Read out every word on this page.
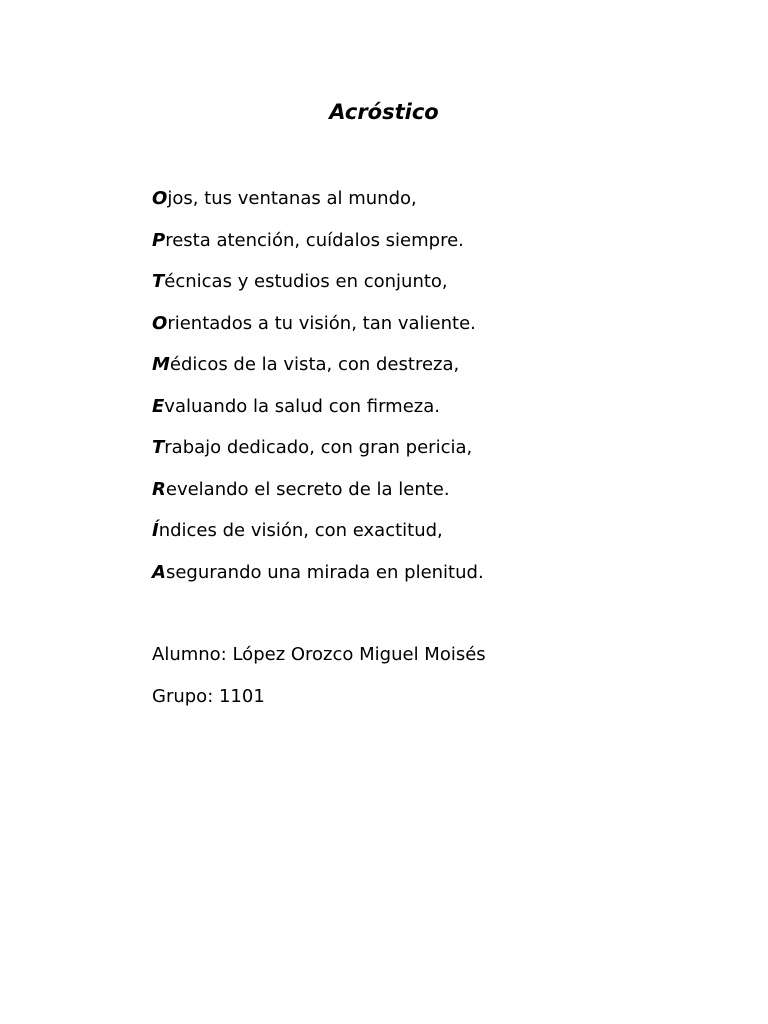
Acróstico

Ojos, tus ventanas al mundo,

Presta atención, cuídalos siempre.

Técnicas y estudios en conjunto,

Orientados a tu visión, tan valiente.

Médicos de la vista, con destreza,

Evaluando la salud con firmeza.

Trabajo dedicado, con gran pericia,

Revelando el secreto de la lente.

Índices de visión, con exactitud,

Asegurando una mirada en plenitud.

Alumno: López Orozco Miguel Moisés

Grupo: 1101
